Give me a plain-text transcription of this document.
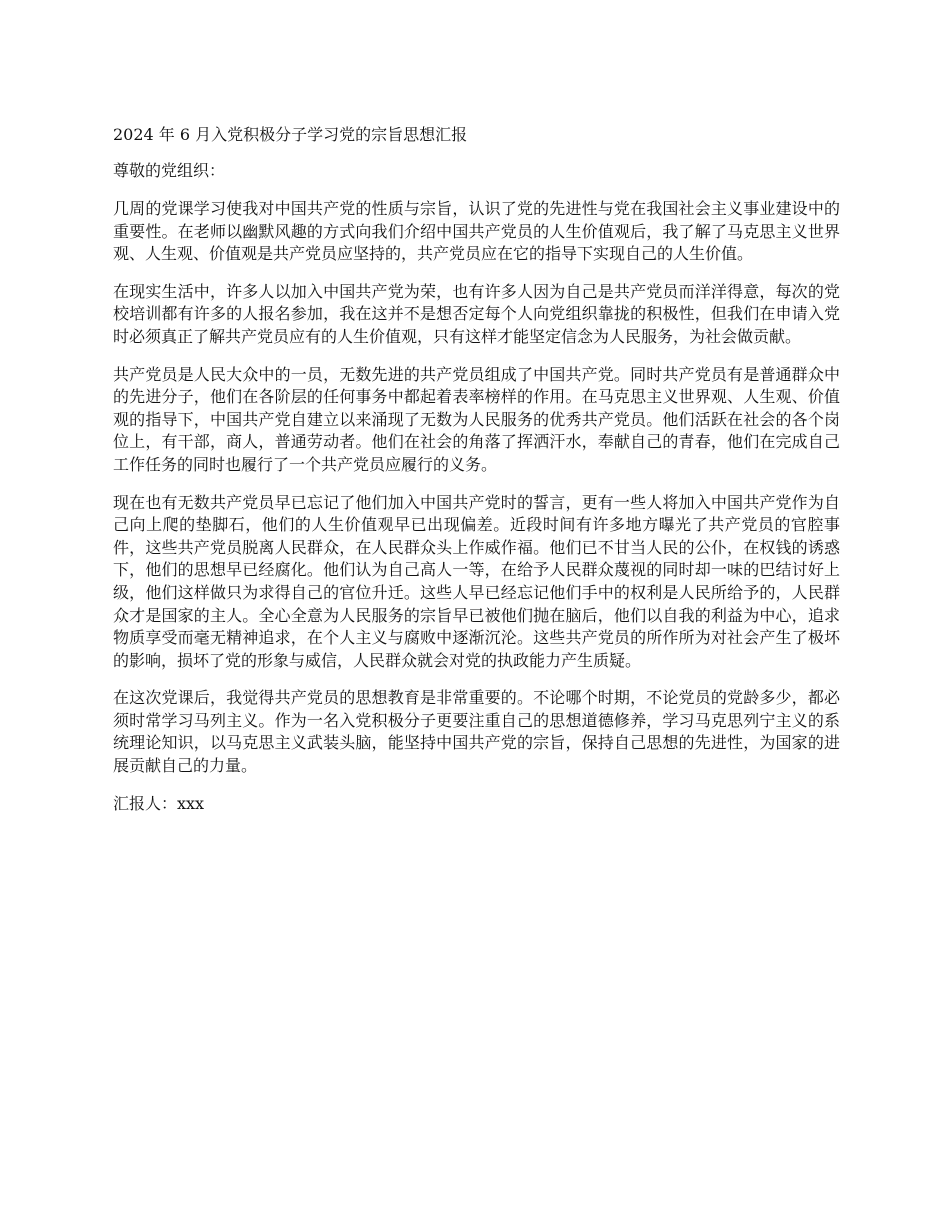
2024 年 6 月入党积极分子学习党的宗旨思想汇报
尊敬的党组织：

几周的党课学习使我对中国共产党的性质与宗旨，认识了党的先进性与党在我国社会主义事业建设中的重要性。在老师以幽默风趣的方式向我们介绍中国共产党员的人生价值观后，我了解了马克思主义世界观、人生观、价值观是共产党员应坚持的，共产党员应在它的指导下实现自己的人生价值。

在现实生活中，许多人以加入中国共产党为荣，也有许多人因为自己是共产党员而洋洋得意，每次的党校培训都有许多的人报名参加，我在这并不是想否定每个人向党组织靠拢的积极性，但我们在申请入党时必须真正了解共产党员应有的人生价值观，只有这样才能坚定信念为人民服务，为社会做贡献。

共产党员是人民大众中的一员，无数先进的共产党员组成了中国共产党。同时共产党员有是普通群众中的先进分子，他们在各阶层的任何事务中都起着表率榜样的作用。在马克思主义世界观、人生观、价值观的指导下，中国共产党自建立以来涌现了无数为人民服务的优秀共产党员。他们活跃在社会的各个岗位上，有干部，商人，普通劳动者。他们在社会的角落了挥洒汗水，奉献自己的青春，他们在完成自己工作任务的同时也履行了一个共产党员应履行的义务。

现在也有无数共产党员早已忘记了他们加入中国共产党时的誓言，更有一些人将加入中国共产党作为自己向上爬的垫脚石，他们的人生价值观早已出现偏差。近段时间有许多地方曝光了共产党员的官腔事件，这些共产党员脱离人民群众，在人民群众头上作威作福。他们已不甘当人民的公仆，在权钱的诱惑下，他们的思想早已经腐化。他们认为自己高人一等，在给予人民群众蔑视的同时却一味的巴结讨好上级，他们这样做只为求得自己的官位升迁。这些人早已经忘记他们手中的权利是人民所给予的，人民群众才是国家的主人。全心全意为人民服务的宗旨早已被他们抛在脑后，他们以自我的利益为中心，追求物质享受而毫无精神追求，在个人主义与腐败中逐渐沉沦。这些共产党员的所作所为对社会产生了极坏的影响，损坏了党的形象与威信，人民群众就会对党的执政能力产生质疑。

在这次党课后，我觉得共产党员的思想教育是非常重要的。不论哪个时期，不论党员的党龄多少，都必须时常学习马列主义。作为一名入党积极分子更要注重自己的思想道德修养，学习马克思列宁主义的系统理论知识，以马克思主义武装头脑，能坚持中国共产党的宗旨，保持自己思想的先进性，为国家的进展贡献自己的力量。

汇报人：xxx
